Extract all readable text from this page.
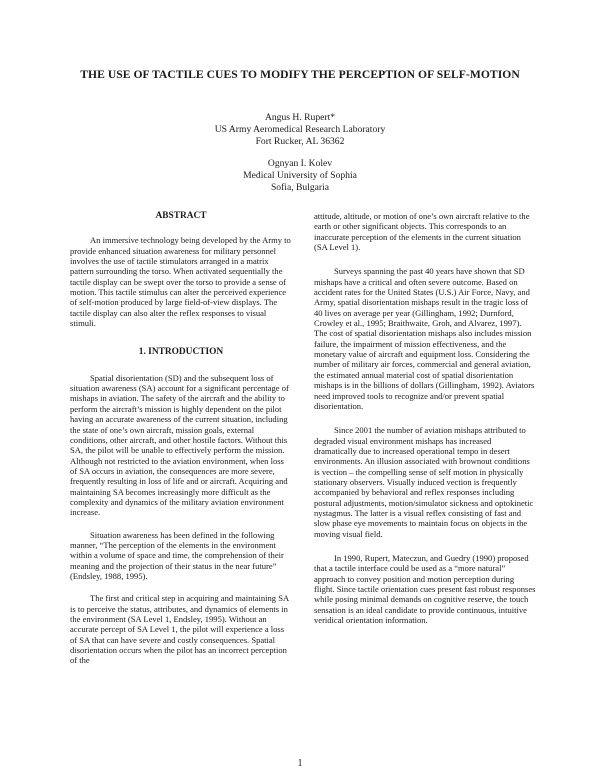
THE USE OF TACTILE CUES TO MODIFY THE PERCEPTION OF SELF-MOTION
Angus H. Rupert*
US Army Aeromedical Research Laboratory
Fort Rucker, AL 36362
Ognyan I. Kolev
Medical University of Sophia
Sofia, Bulgaria

ABSTRACT

An immersive technology being developed by the Army to provide enhanced situation awareness for military personnel involves the use of tactile stimulators arranged in a matrix pattern surrounding the torso. When activated sequentially the tactile display can be swept over the torso to provide a sense of motion. This tactile stimulus can alter the perceived experience of self-motion produced by large field-of-view displays. The tactile display can also alter the reflex responses to visual stimuli.

1. INTRODUCTION

Spatial disorientation (SD) and the subsequent loss of situation awareness (SA) account for a significant percentage of mishaps in aviation. The safety of the aircraft and the ability to perform the aircraft’s mission is highly dependent on the pilot having an accurate awareness of the current situation, including the state of one’s own aircraft, mission goals, external conditions, other aircraft, and other hostile factors. Without this SA, the pilot will be unable to effectively perform the mission. Although not restricted to the aviation environment, when loss of SA occurs in aviation, the consequences are more severe, frequently resulting in loss of life and or aircraft. Acquiring and maintaining SA becomes increasingly more difficult as the complexity and dynamics of the military aviation environment increase.

Situation awareness has been defined in the following manner, “The perception of the elements in the environment within a volume of space and time, the comprehension of their meaning and the projection of their status in the near future” (Endsley, 1988, 1995).

The first and critical step in acquiring and maintaining SA is to perceive the status, attributes, and dynamics of elements in the environment (SA Level 1, Endsley, 1995). Without an accurate percept of SA Level 1, the pilot will experience a loss of SA that can have severe and costly consequences. Spatial disorientation occurs when the pilot has an incorrect perception of the

attitude, altitude, or motion of one’s own aircraft relative to the earth or other significant objects. This corresponds to an inaccurate perception of the elements in the current situation (SA Level 1).

Surveys spanning the past 40 years have shown that SD mishaps have a critical and often severe outcome. Based on accident rates for the United States (U.S.) Air Force, Navy, and Army, spatial disorientation mishaps result in the tragic loss of 40 lives on average per year (Gillingham, 1992; Durnford, Crowley et al., 1995; Braithwaite, Groh, and Alvarez, 1997). The cost of spatial disorientation mishaps also includes mission failure, the impairment of mission effectiveness, and the monetary value of aircraft and equipment loss. Considering the number of military air forces, commercial and general aviation, the estimated annual material cost of spatial disorientation mishaps is in the billions of dollars (Gillingham, 1992). Aviators need improved tools to recognize and/or prevent spatial disorientation.

Since 2001 the number of aviation mishaps attributed to degraded visual environment mishaps has increased dramatically due to increased operational tempo in desert environments. An illusion associated with brownout conditions is vection – the compelling sense of self motion in physically stationary observers. Visually induced vection is frequently accompanied by behavioral and reflex responses including postural adjustments, motion/simulator sickness and optokinetic nystagmus. The latter is a visual reflex consisting of fast and slow phase eye movements to maintain focus on objects in the moving visual field.

In 1990, Rupert, Mateczun, and Guedry (1990) proposed that a tactile interface could be used as a “more natural” approach to convey position and motion perception during flight. Since tactile orientation cues present fast robust responses while posing minimal demands on cognitive reserve, the touch sensation is an ideal candidate to provide continuous, intuitive veridical orientation information.

1
